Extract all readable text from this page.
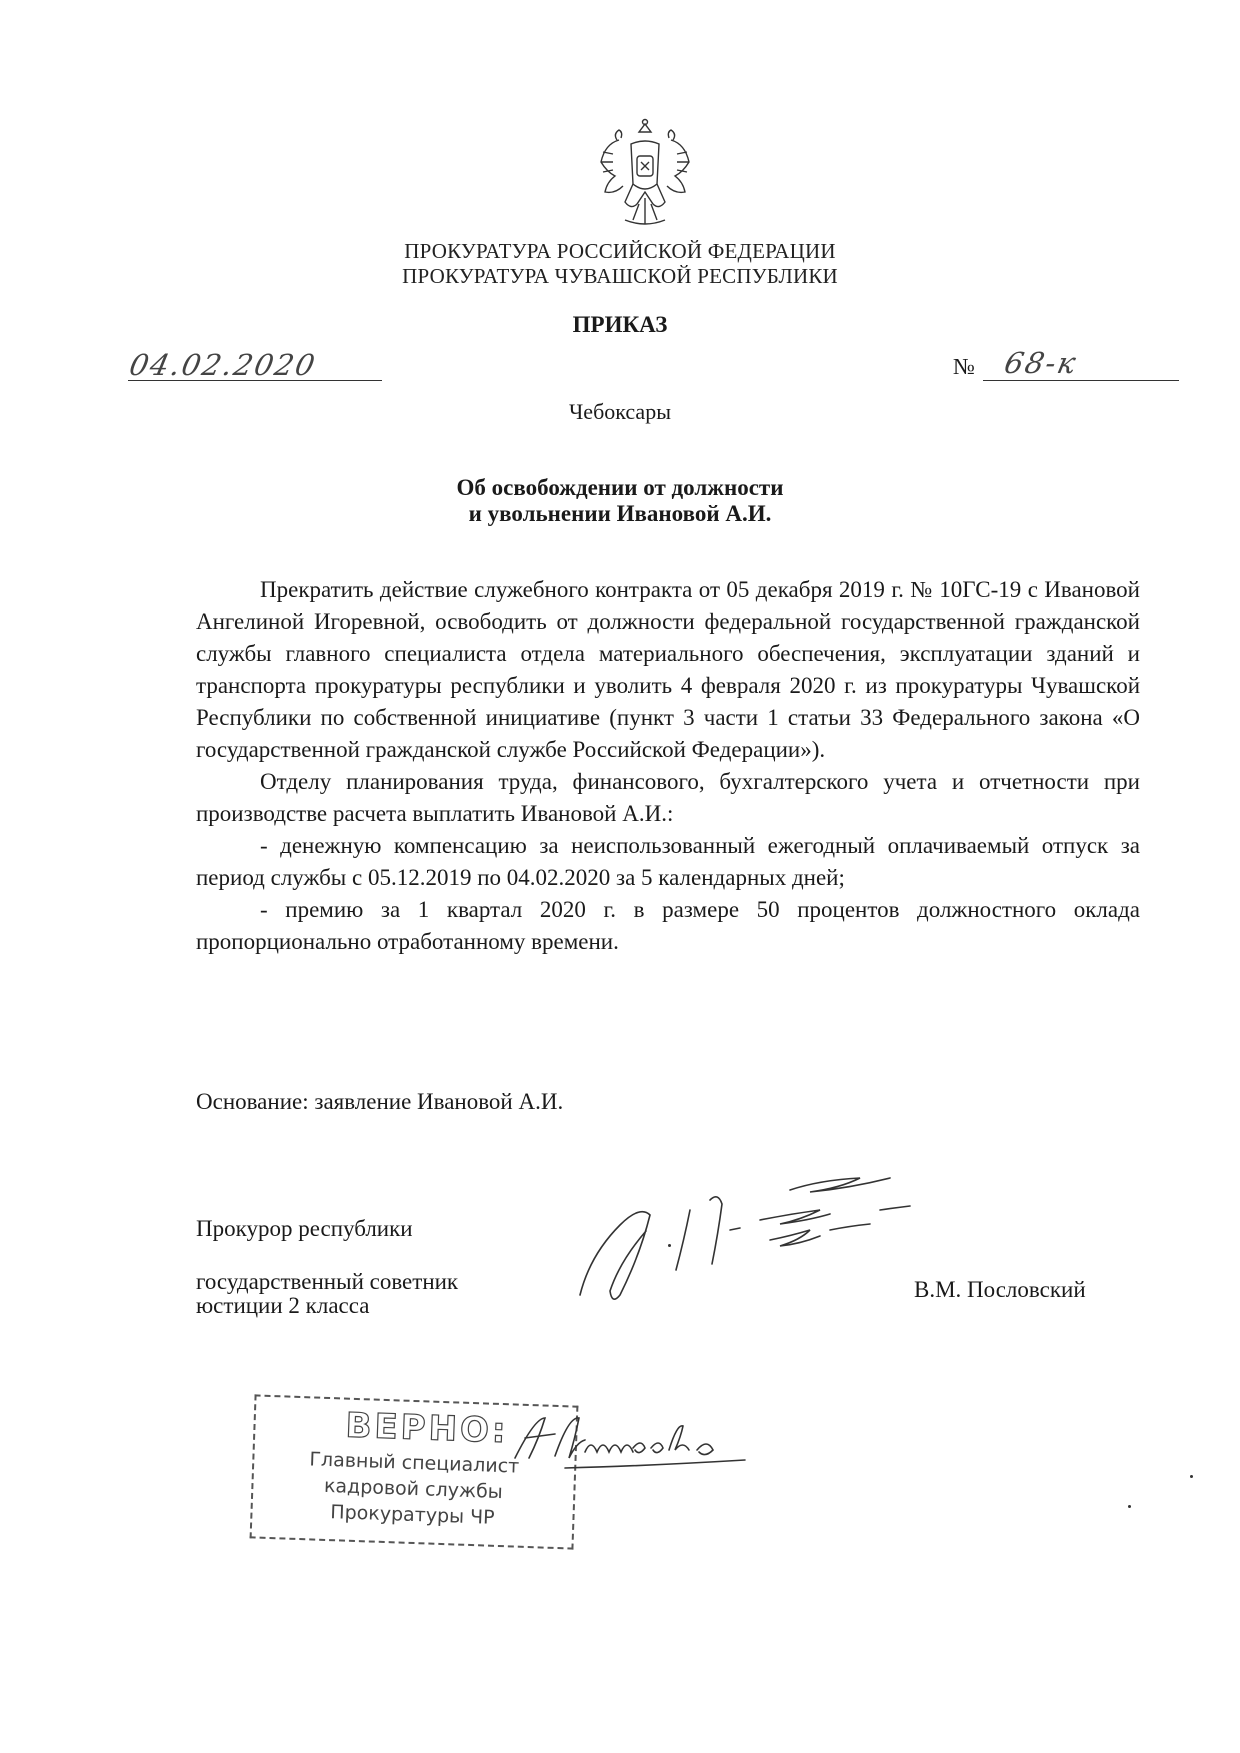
ПРОКУРАТУРА РОССИЙСКОЙ ФЕДЕРАЦИИ
ПРОКУРАТУРА ЧУВАШСКОЙ РЕСПУБЛИКИ
ПРИКАЗ
04.02.2020	№ 68-к
Чебоксары
Об освобождении от должности
и увольнении Ивановой А.И.

Прекратить действие служебного контракта от 05 декабря 2019 г. № 10ГС-19 с Ивановой Ангелиной Игоревной, освободить от должности федеральной государственной гражданской службы главного специалиста отдела материального обеспечения, эксплуатации зданий и транспорта прокуратуры республики и уволить 4 февраля 2020 г. из прокуратуры Чувашской Республики по собственной инициативе (пункт 3 части 1 статьи 33 Федерального закона «О государственной гражданской службе Российской Федерации»).

Отделу планирования труда, финансового, бухгалтерского учета и отчетности при производстве расчета выплатить Ивановой А.И.:

- денежную компенсацию за неиспользованный ежегодный оплачиваемый отпуск за период службы с 05.12.2019 по 04.02.2020 за 5 календарных дней;

- премию за 1 квартал 2020 г. в размере 50 процентов должностного оклада пропорционально отработанному времени.

Основание: заявление Ивановой А.И.
Прокурор республики
государственный советник
юстиции 2 класса
В.М. Пословский
ВЕРНО:
Главный специалист
кадровой службы
Прокуратуры ЧР
